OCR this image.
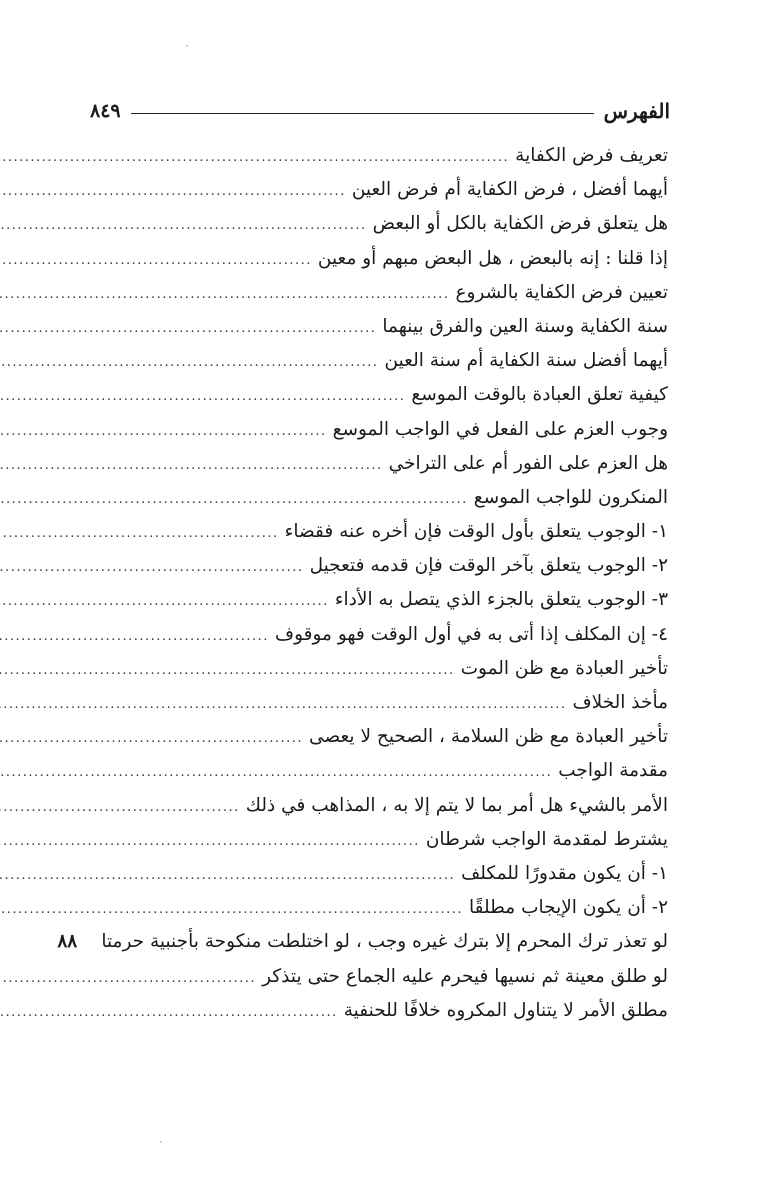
الفهرس
٨٤٩
تعريف فرض الكفاية
.....
أيهما أفضل ، فرض الكفاية أم فرض العين
.....
هل يتعلق فرض الكفاية بالكل أو البعض
.....
إذا قلنا : إنه بالبعض ، هل البعض مبهم أو معين
.....
تعيين فرض الكفاية بالشروع
.....
سنة الكفاية وسنة العين والفرق بينهما
.....
أيهما أفضل سنة الكفاية أم سنة العين
.....
كيفية تعلق العبادة بالوقت الموسع
.....
وجوب العزم على الفعل في الواجب الموسع
.....
هل العزم على الفور أم على التراخي
.....
المنكرون للواجب الموسع
.....
١- الوجوب يتعلق بأول الوقت فإن أخره عنه فقضاء
.....
٢- الوجوب يتعلق بآخر الوقت فإن قدمه فتعجيل
.....
٣- الوجوب يتعلق بالجزء الذي يتصل به الأداء
.....
٤- إن المكلف إذا أتى به في أول الوقت فهو موقوف
.....
تأخير العبادة مع ظن الموت
.....
مأخذ الخلاف
.....
تأخير العبادة مع ظن السلامة ، الصحيح لا يعصى
.....
مقدمة الواجب
.....
الأمر بالشيء هل أمر بما لا يتم إلا به ، المذاهب في ذلك
.....
يشترط لمقدمة الواجب شرطان
.....
١- أن يكون مقدورًا للمكلف
.....
٢- أن يكون الإيجاب مطلقًا
.....
لو تعذر ترك المحرم إلا بترك غيره وجب ، لو اختلطت منكوحة بأجنبية حرمتا
٨٨
لو طلق معينة ثم نسيها فيحرم عليه الجماع حتى يتذكر
.....
مطلق الأمر لا يتناول المكروه خلافًا للحنفية
.....
